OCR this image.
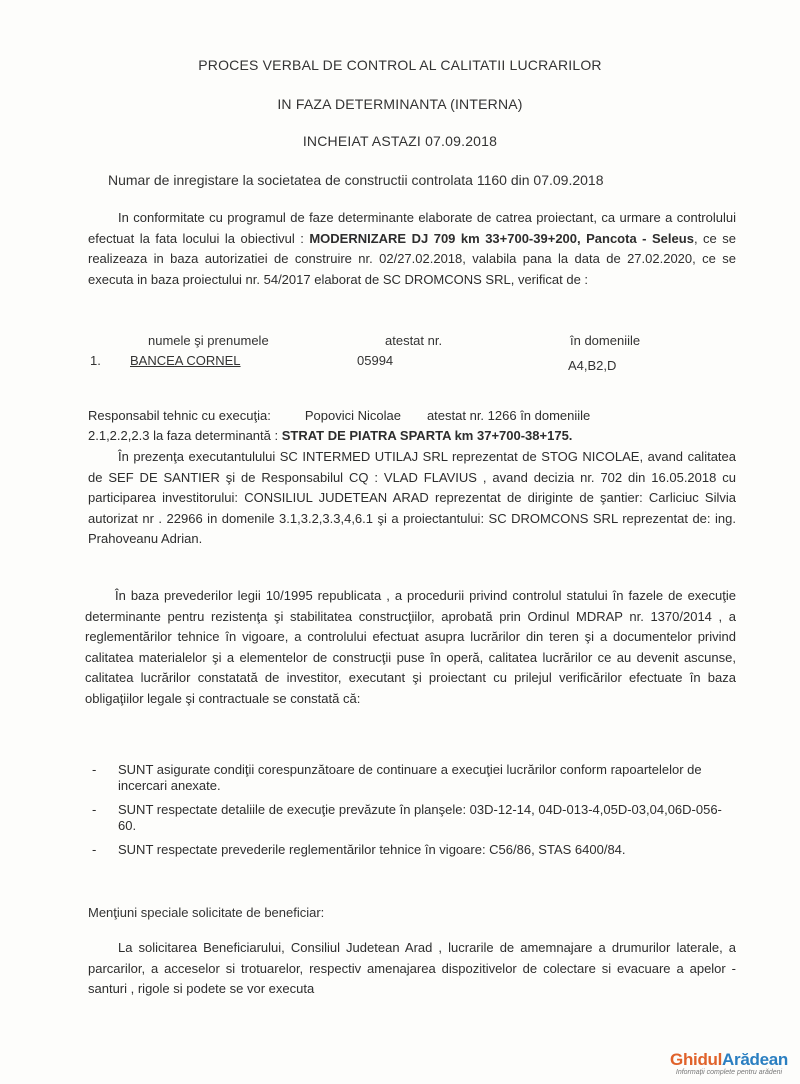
PROCES VERBAL DE CONTROL AL CALITATII LUCRARILOR
IN FAZA DETERMINANTA (INTERNA)
INCHEIAT ASTAZI 07.09.2018
Numar de inregistare la societatea de constructii controlata 1160 din 07.09.2018
In conformitate cu programul de faze determinante elaborate de catrea proiectant, ca urmare a controlului efectuat la fata locului la obiectivul : MODERNIZARE DJ 709 km 33+700-39+200, Pancota - Seleus, ce se realizeaza in baza autorizatiei de construire nr. 02/27.02.2018, valabila pana la data de 27.02.2020, ce se executa in baza proiectului nr. 54/2017 elaborat de SC DROMCONS SRL, verificat de :
numele şi prenumele	atestat nr.	în domeniile
1. BANCEA CORNEL	05994	A4,B2,D
Responsabil tehnic cu execuţia:	Popovici Nicolae atestat nr. 1266 în domeniile
2.1,2.2,2.3 la faza determinantă : STRAT DE PIATRA SPARTA km 37+700-38+175.
În prezenţa executantulului SC INTERMED UTILAJ SRL reprezentat de STOG NICOLAE, avand calitatea de SEF DE SANTIER şi de Responsabilul CQ : VLAD FLAVIUS , avand decizia nr. 702 din 16.05.2018 cu participarea investitorului: CONSILIUL JUDETEAN ARAD reprezentat de diriginte de şantier: Carliciuc Silvia autorizat nr . 22966 in domenile 3.1,3.2,3.3,4,6.1 şi a proiectantului: SC DROMCONS SRL reprezentat de: ing. Prahoveanu Adrian.
În baza prevederilor legii 10/1995 republicata , a procedurii privind controlul statului în fazele de execuţie determinante pentru rezistenţa şi stabilitatea construcţiilor, aprobată prin Ordinul MDRAP nr. 1370/2014 , a reglementărilor tehnice în vigoare, a controlului efectuat asupra lucrărilor din teren şi a documentelor privind calitatea materialelor şi a elementelor de construcţii puse în operă, calitatea lucrărilor ce au devenit ascunse, calitatea lucrărilor constatată de investitor, executant şi proiectant cu prilejul verificărilor efectuate în baza obligaţiilor legale şi contractuale se constată că:
- SUNT asigurate condiţii corespunzătoare de continuare a execuţiei lucrărilor conform rapoartelelor de incercari anexate.
- SUNT respectate detaliile de execuţie prevăzute în planşele: 03D-12-14, 04D-013-4,05D-03,04,06D-056-60.
- SUNT respectate prevederile reglementărilor tehnice în vigoare: C56/86, STAS 6400/84.
Menţiuni speciale solicitate de beneficiar:
La solicitarea Beneficiarului, Consiliul Judetean Arad , lucrarile de amemnajare a drumurilor laterale, a parcarilor, a acceselor si trotuarelor, respectiv amenajarea dispozitivelor de colectare si evacuare a apelor - santuri , rigole si podete se vor executa
GhidulArădean
Informații complete pentru arădeni
